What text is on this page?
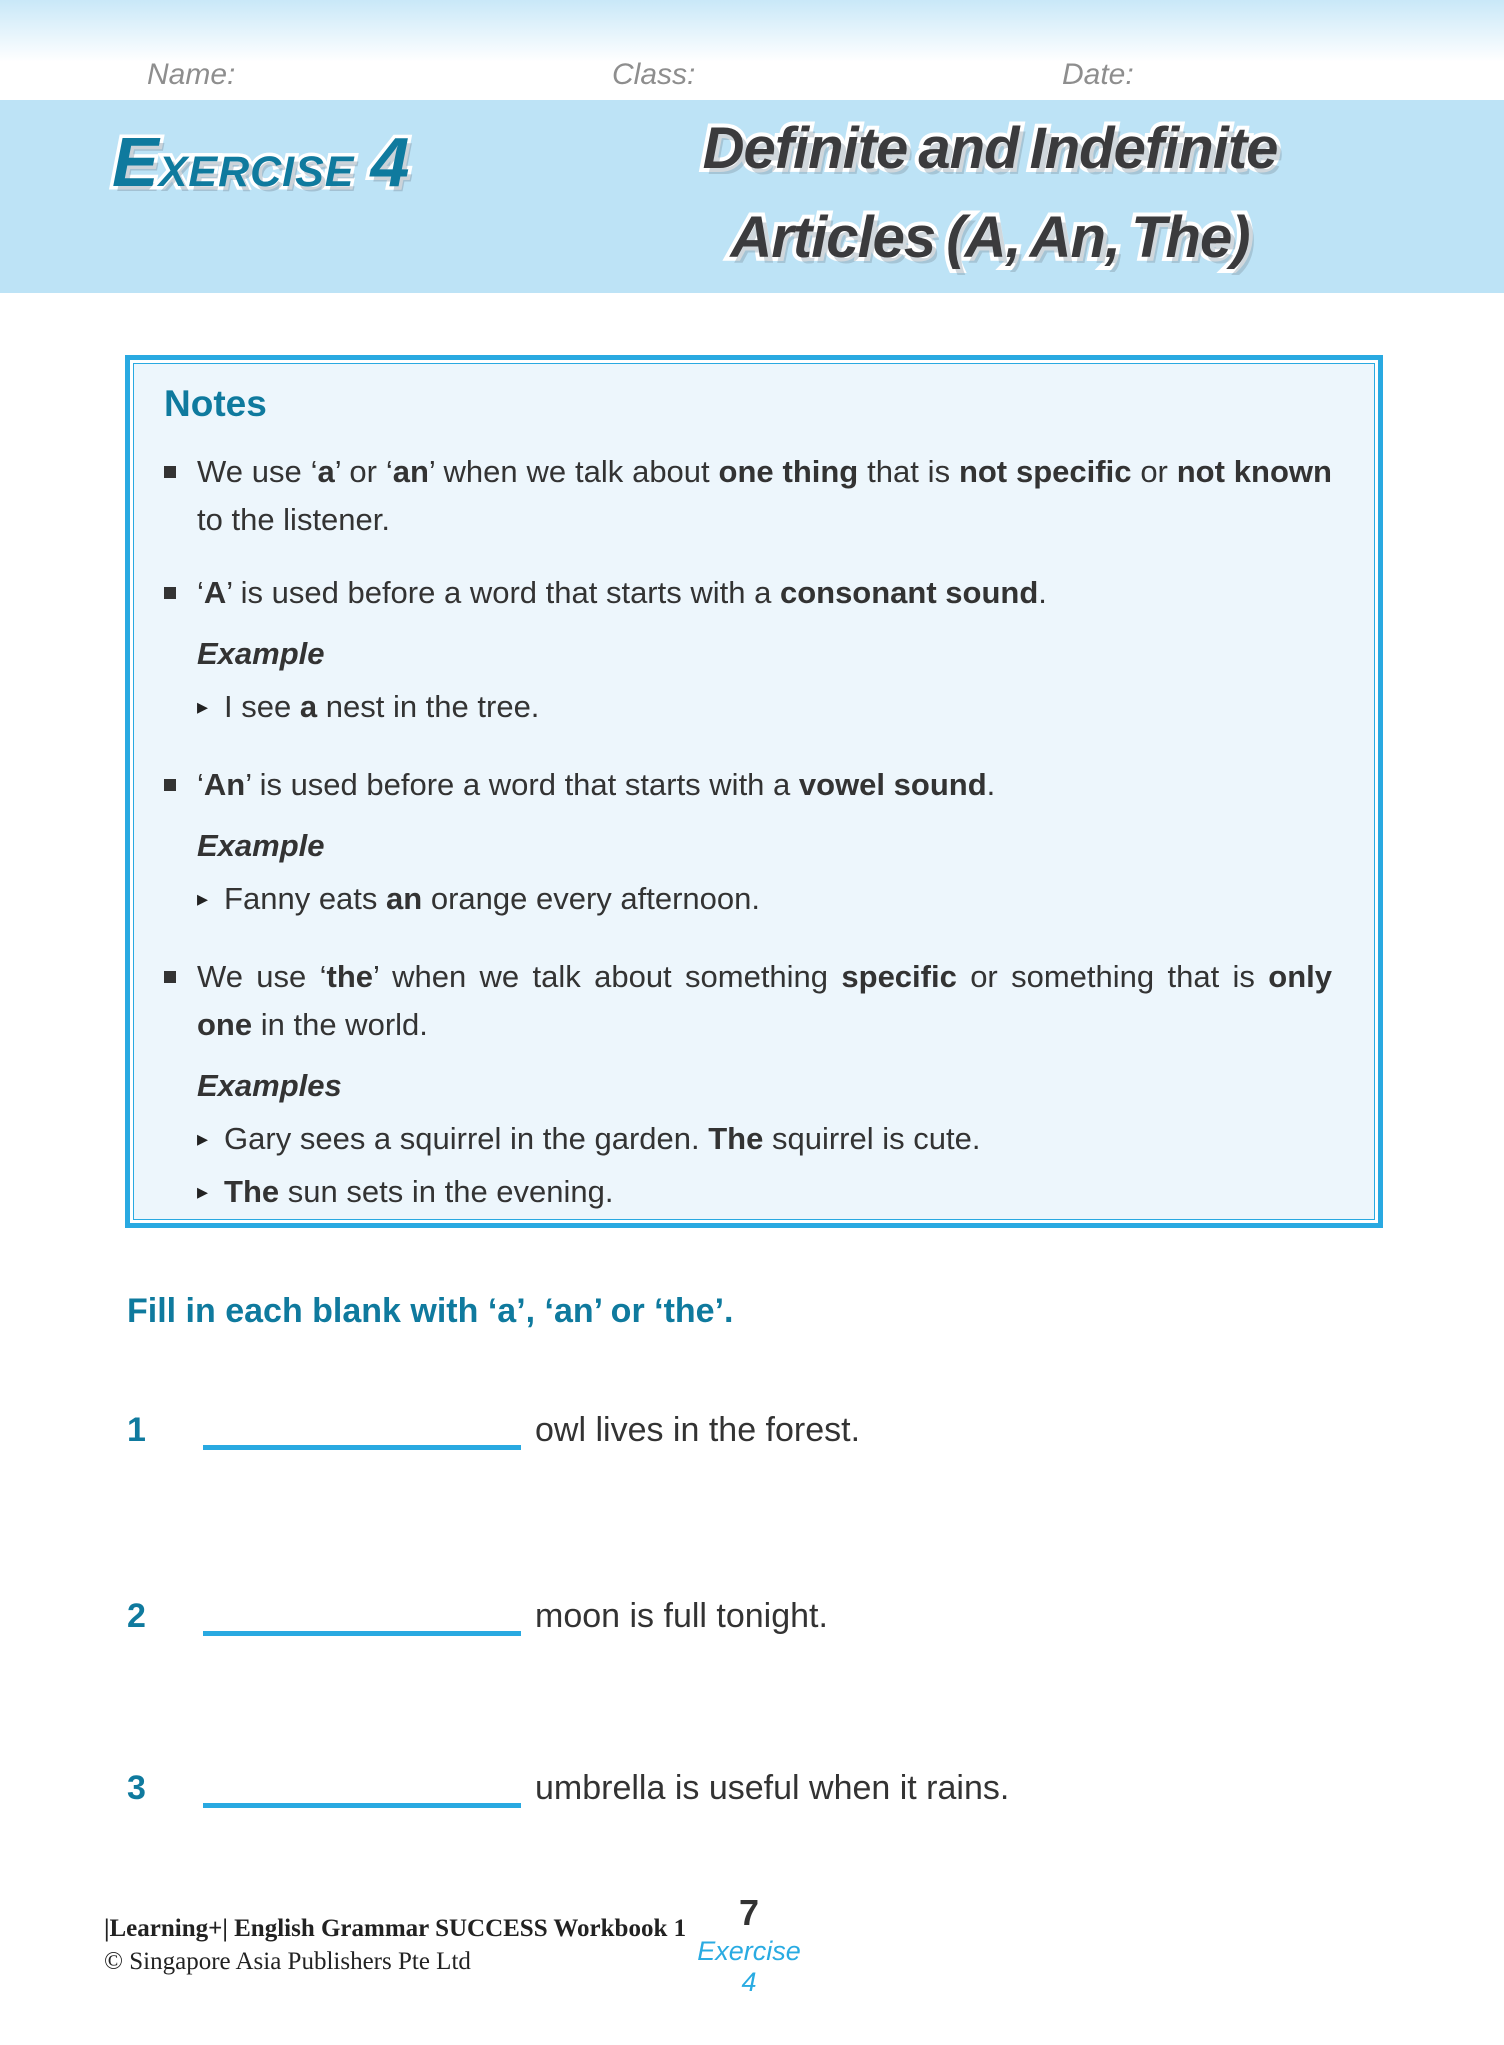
Name:	Class:	Date:
EXERCISE 4	Definite and Indefinite
Articles (A, An, The)
Notes

We use ‘a’ or ‘an’ when we talk about one thing that is not specific or not known to the listener.

‘A’ is used before a word that starts with a consonant sound.

Example
▸ I see a nest in the tree.

‘An’ is used before a word that starts with a vowel sound.

Example
▸ Fanny eats an orange every afternoon.

We use ‘the’ when we talk about something specific or something that is only one in the world.

Examples
▸ Gary sees a squirrel in the garden. The squirrel is cute.

▸ The sun sets in the evening.

Fill in each blank with ‘a’, ‘an’ or ‘the’.
1	owl lives in the forest.
2	moon is full tonight.
3	umbrella is useful when it rains.
|Learning+| English Grammar SUCCESS Workbook 1
© Singapore Asia Publishers Pte Ltd
7
Exercise 4
